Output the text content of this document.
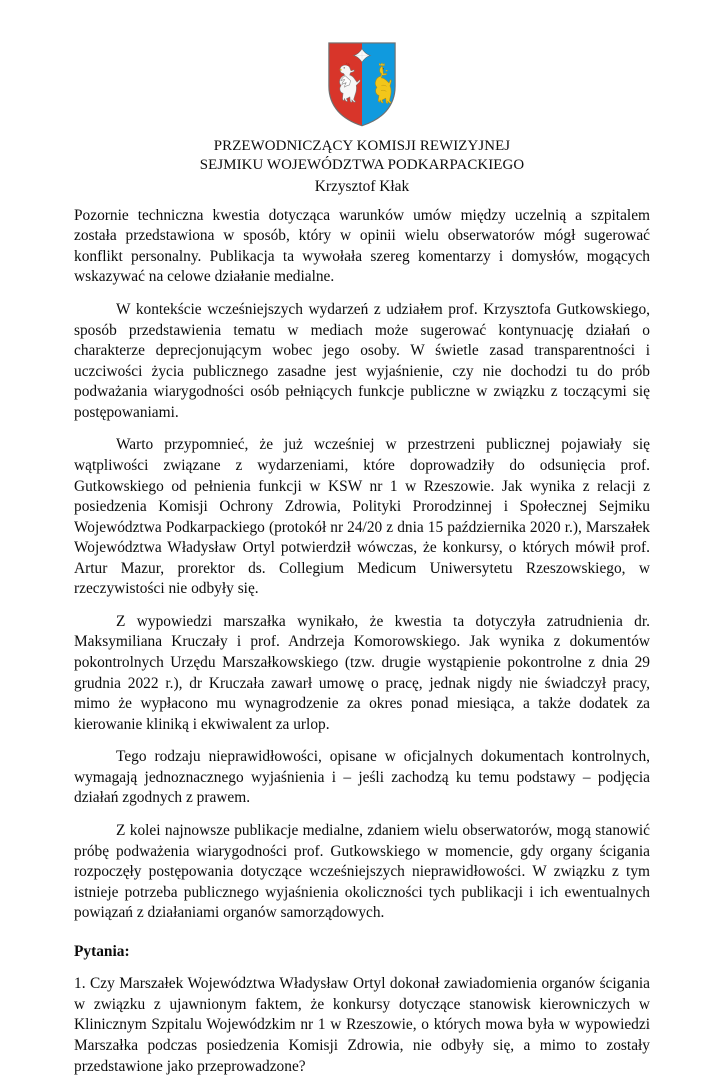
PRZEWODNICZĄCY KOMISJI REWIZYJNEJ
SEJMIKU WOJEWÓDZTWA PODKARPACKIEGO
Krzysztof Kłak

Pozornie techniczna kwestia dotycząca warunków umów między uczelnią a szpitalem została przedstawiona w sposób, który w opinii wielu obserwatorów mógł sugerować konflikt personalny. Publikacja ta wywołała szereg komentarzy i domysłów, mogących wskazywać na celowe działanie medialne.

W kontekście wcześniejszych wydarzeń z udziałem prof. Krzysztofa Gutkowskiego, sposób przedstawienia tematu w mediach może sugerować kontynuację działań o charakterze deprecjonującym wobec jego osoby. W świetle zasad transparentności i uczciwości życia publicznego zasadne jest wyjaśnienie, czy nie dochodzi tu do prób podważania wiarygodności osób pełniących funkcje publiczne w związku z toczącymi się postępowaniami.

Warto przypomnieć, że już wcześniej w przestrzeni publicznej pojawiały się wątpliwości związane z wydarzeniami, które doprowadziły do odsunięcia prof. Gutkowskiego od pełnienia funkcji w KSW nr 1 w Rzeszowie. Jak wynika z relacji z posiedzenia Komisji Ochrony Zdrowia, Polityki Prorodzinnej i Społecznej Sejmiku Województwa Podkarpackiego (protokół nr 24/20 z dnia 15 października 2020 r.), Marszałek Województwa Władysław Ortyl potwierdził wówczas, że konkursy, o których mówił prof. Artur Mazur, prorektor ds. Collegium Medicum Uniwersytetu Rzeszowskiego, w rzeczywistości nie odbyły się.

Z wypowiedzi marszałka wynikało, że kwestia ta dotyczyła zatrudnienia dr. Maksymiliana Kruczały i prof. Andrzeja Komorowskiego. Jak wynika z dokumentów pokontrolnych Urzędu Marszałkowskiego (tzw. drugie wystąpienie pokontrolne z dnia 29 grudnia 2022 r.), dr Kruczała zawarł umowę o pracę, jednak nigdy nie świadczył pracy, mimo że wypłacono mu wynagrodzenie za okres ponad miesiąca, a także dodatek za kierowanie kliniką i ekwiwalent za urlop.

Tego rodzaju nieprawidłowości, opisane w oficjalnych dokumentach kontrolnych, wymagają jednoznacznego wyjaśnienia i – jeśli zachodzą ku temu podstawy – podjęcia działań zgodnych z prawem.

Z kolei najnowsze publikacje medialne, zdaniem wielu obserwatorów, mogą stanowić próbę podważenia wiarygodności prof. Gutkowskiego w momencie, gdy organy ścigania rozpoczęły postępowania dotyczące wcześniejszych nieprawidłowości. W związku z tym istnieje potrzeba publicznego wyjaśnienia okoliczności tych publikacji i ich ewentualnych powiązań z działaniami organów samorządowych.

Pytania:

1. Czy Marszałek Województwa Władysław Ortyl dokonał zawiadomienia organów ścigania w związku z ujawnionym faktem, że konkursy dotyczące stanowisk kierowniczych w Klinicznym Szpitalu Wojewódzkim nr 1 w Rzeszowie, o których mowa była w wypowiedzi Marszałka podczas posiedzenia Komisji Zdrowia, nie odbyły się, a mimo to zostały przedstawione jako przeprowadzone?
